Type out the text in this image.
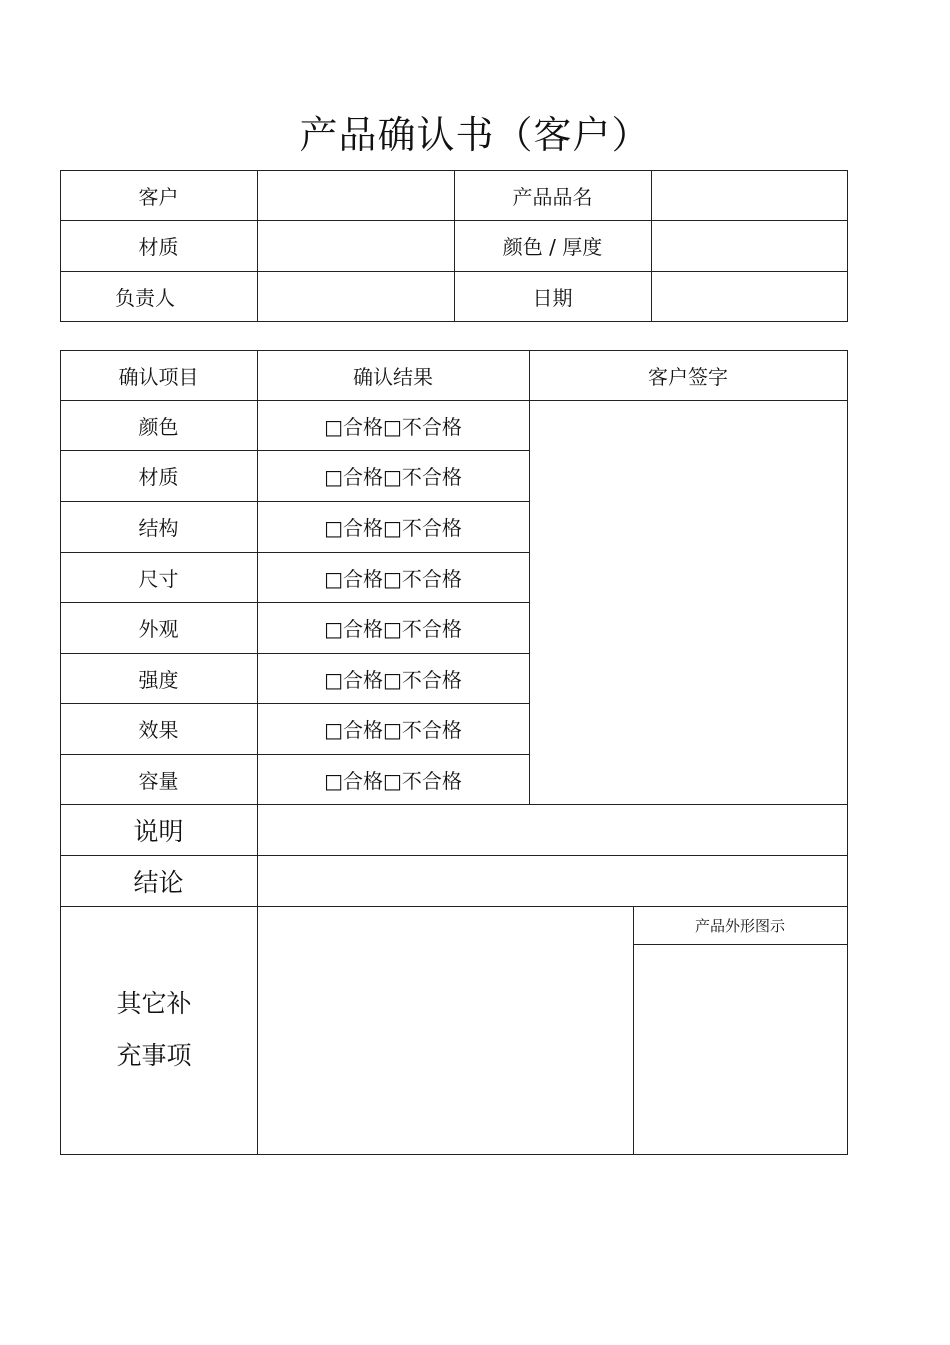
产品确认书（客户）
客户	产品品名
材质	颜色 / 厚度
负责人	日期
确认项目	确认结果	客户签字
颜色	□合格□不合格
材质	□合格□不合格
结构	□合格□不合格
尺寸	□合格□不合格
外观	□合格□不合格
强度	□合格□不合格
效果	□合格□不合格
容量	□合格□不合格
说明
结论
其它补
充事项
产品外形图示
